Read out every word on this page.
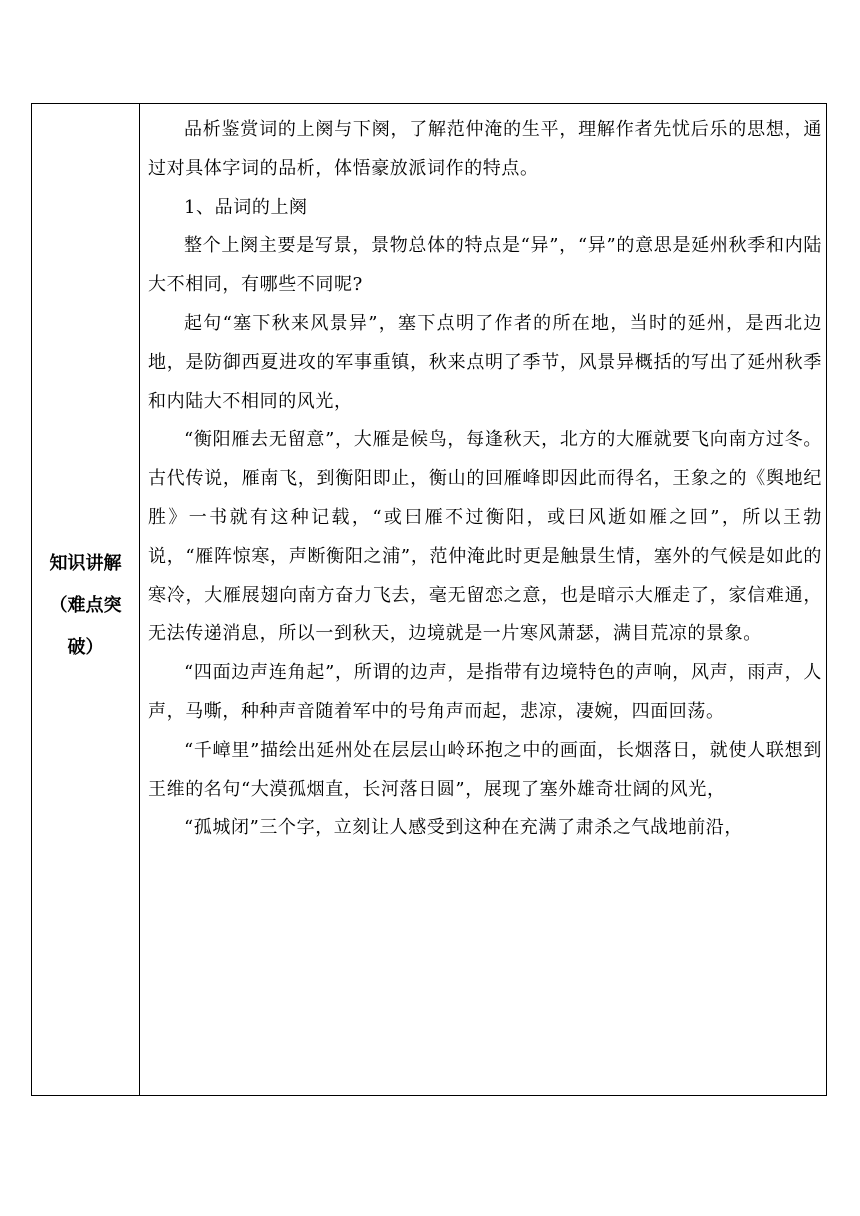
知识讲解
（难点突
破）

品析鉴赏词的上阕与下阕，了解范仲淹的生平，理解作者先忧后乐的思想，通过对具体字词的品析，体悟豪放派词作的特点。

1、品词的上阕

整个上阕主要是写景，景物总体的特点是“异”，“异”的意思是延州秋季和内陆大不相同，有哪些不同呢?

起句“塞下秋来风景异”，塞下点明了作者的所在地，当时的延州，是西北边地，是防御西夏进攻的军事重镇，秋来点明了季节，风景异概括的写出了延州秋季和内陆大不相同的风光，

“衡阳雁去无留意”，大雁是候鸟，每逢秋天，北方的大雁就要飞向南方过冬。古代传说，雁南飞，到衡阳即止，衡山的回雁峰即因此而得名，王象之的《舆地纪胜》一书就有这种记载，“或曰雁不过衡阳，或曰风逝如雁之回”，所以王勃说，“雁阵惊寒，声断衡阳之浦”，范仲淹此时更是触景生情，塞外的气候是如此的寒冷，大雁展翅向南方奋力飞去，毫无留恋之意，也是暗示大雁走了，家信难通，无法传递消息，所以一到秋天，边境就是一片寒风萧瑟，满目荒凉的景象。

“四面边声连角起”，所谓的边声，是指带有边境特色的声响，风声，雨声，人声，马嘶，种种声音随着军中的号角声而起，悲凉，凄婉，四面回荡。

“千嶂里”描绘出延州处在层层山岭环抱之中的画面，长烟落日，就使人联想到王维的名句“大漠孤烟直，长河落日圆”，展现了塞外雄奇壮阔的风光，

“孤城闭”三个字，立刻让人感受到这种在充满了肃杀之气战地前沿，
